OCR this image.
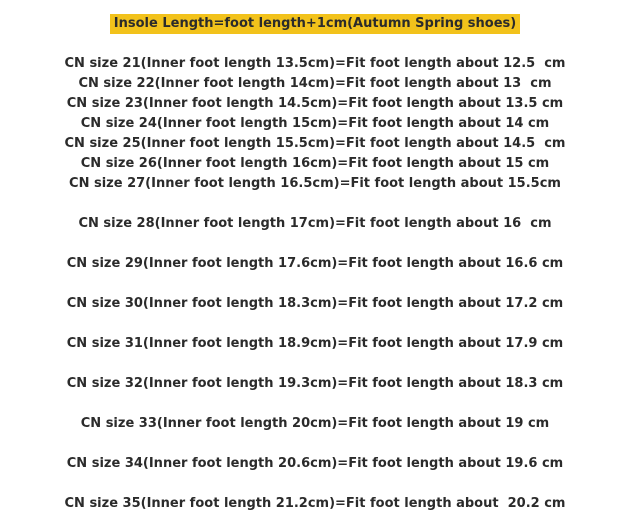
Insole Length=foot length+1cm(Autumn Spring shoes)
CN size 21(Inner foot length 13.5cm)=Fit foot length about 12.5  cm
CN size 22(Inner foot length 14cm)=Fit foot length about 13  cm
CN size 23(Inner foot length 14.5cm)=Fit foot length about 13.5 cm
CN size 24(Inner foot length 15cm)=Fit foot length about 14 cm
CN size 25(Inner foot length 15.5cm)=Fit foot length about 14.5  cm
CN size 26(Inner foot length 16cm)=Fit foot length about 15 cm
CN size 27(Inner foot length 16.5cm)=Fit foot length about 15.5cm
CN size 28(Inner foot length 17cm)=Fit foot length about 16  cm
CN size 29(Inner foot length 17.6cm)=Fit foot length about 16.6 cm
CN size 30(Inner foot length 18.3cm)=Fit foot length about 17.2 cm
CN size 31(Inner foot length 18.9cm)=Fit foot length about 17.9 cm
CN size 32(Inner foot length 19.3cm)=Fit foot length about 18.3 cm
CN size 33(Inner foot length 20cm)=Fit foot length about 19 cm
CN size 34(Inner foot length 20.6cm)=Fit foot length about 19.6 cm
CN size 35(Inner foot length 21.2cm)=Fit foot length about  20.2 cm
